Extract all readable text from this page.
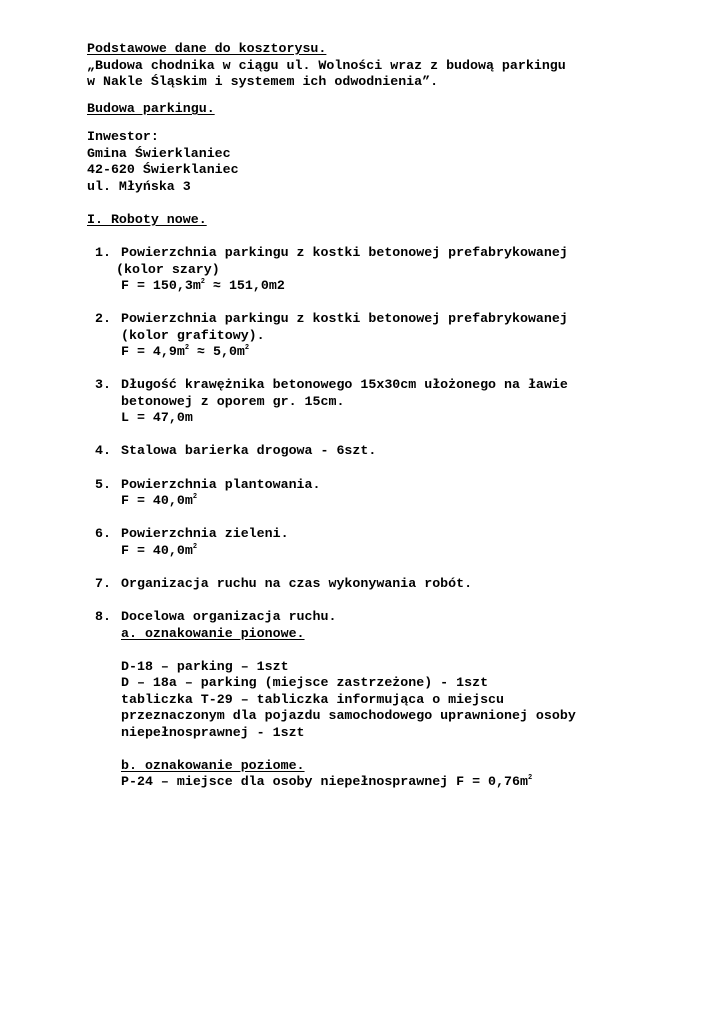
Podstawowe dane do kosztorysu.
„Budowa chodnika w ciągu ul. Wolności wraz z budową parkingu
w Nakle Śląskim i systemem ich odwodnienia”.
Budowa parkingu.
Inwestor:
Gmina Świerklaniec
42-620 Świerklaniec
ul. Młyńska 3
I. Roboty nowe.
1. Powierzchnia parkingu z kostki betonowej prefabrykowanej
(kolor szary)
$F = 150,3m^2 \approx 151,0m2$
2. Powierzchnia parkingu z kostki betonowej prefabrykowanej
(kolor grafitowy).
$F = 4,9m^2 \approx 5,0m^2$
3. Długość krawężnika betonowego 15x30cm ułożonego na ławie
betonowej z oporem gr. 15cm.
L = 47,0m
4. Stalowa barierka drogowa - 6szt.
5. Powierzchnia plantowania.
$F = 40,0m^2$
6. Powierzchnia zieleni.
$F = 40,0m^2$
7. Organizacja ruchu na czas wykonywania robót.
8. Docelowa organizacja ruchu.
a. oznakowanie pionowe.
D-18 – parking – 1szt
D – 18a – parking (miejsce zastrzeżone) - 1szt
tabliczka T-29 – tabliczka informująca o miejscu
przeznaczonym dla pojazdu samochodowego uprawnionej osoby
niepełnosprawnej - 1szt
b. oznakowanie poziome.
P-24 – miejsce dla osoby niepełnosprawnej $F = 0,76m^2$
